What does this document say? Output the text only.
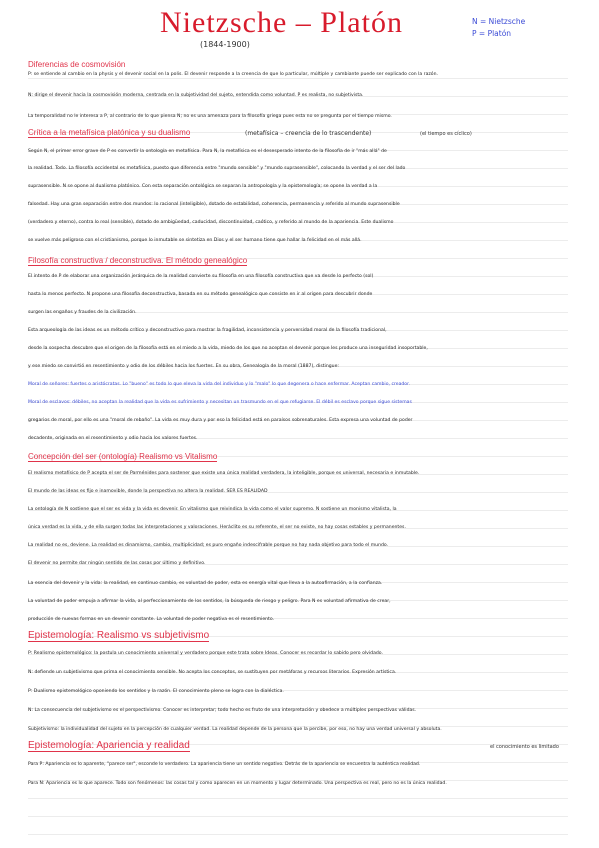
Nietzsche – Platón
(1844-1900)
N = Nietzsche
P = Platón
Diferencias de cosmovisión
P: se entiende al cambio en la physis y el devenir social en la polis. El devenir responde a la creencia de que lo particular, múltiple y cambiante puede ser explicado con la razón.
N: dirige el devenir hacia la cosmovisión moderna, centrada en la subjetividad del sujeto, entendida como voluntad. P es realista, no subjetivista.
La temporalidad no le interesa a P, al contrario de lo que piensa N; no es una amenaza para la filosofía griega pues esta no se pregunta por el tiempo mismo.
Crítica a la metafísica platónica y su dualismo	(metafísica – creencia de lo trascendente)	(el tiempo es cíclico)
Según N, el primer error grave de P es convertir la ontología en metafísica. Para N, la metafísica es el desesperado intento de la filosofía de ir "más allá" de
la realidad. Todo. La filosofía occidental es metafísica, puesto que diferencia entre "mundo sensible" y "mundo suprasensible", colocando la verdad y el ser del lado
suprasensible. N se opone al dualismo platónico. Con esta separación ontológica se separan la antropología y la epistemología; se opone la verdad a la
falsedad. Hay una gran separación entre dos mundos: lo racional (inteligible), dotado de estabilidad, coherencia, permanencia y referido al mundo suprasensible
(verdadero y eterno), contra lo real (sensible), dotado de ambigüedad, caducidad, discontinuidad, caótico, y referido al mundo de la apariencia. Este dualismo
se vuelve más peligroso con el cristianismo, porque lo inmutable se sintetiza en Dios y el ser humano tiene que hallar la felicidad en el más allá.
Filosofía constructiva / deconstructiva. El método genealógico
El intento de P de elaborar una organización jerárquica de la realidad convierte su filosofía en una filosofía constructiva que va desde lo perfecto (sol)
hasta lo menos perfecto. N propone una filosofía deconstructiva, basada en su método genealógico que consiste en ir al origen para descubrir donde
surgen las engaños y fraudes de la civilización.
Esta arqueología de las ideas es un método crítico y deconstructivo para mostrar la fragilidad, inconsistencia y perversidad moral de la filosofía tradicional,
desde la sospecha descubre que el origen de la filosofía está en el miedo a la vida, miedo de los que no aceptan el devenir porque les produce una inseguridad insoportable,
y ese miedo se convirtió en resentimiento y odio de los débiles hacia los fuertes. En su obra, Genealogía de la moral (1887), distingue:
Moral de señores: fuertes o aristócratas. Lo "bueno" es todo lo que eleva la vida del individuo y lo "malo" lo que degenera o hace enfermar. Aceptan cambio, creador.
Moral de esclavos: débiles, no aceptan la realidad que la vida es sufrimiento y necesitan un trasmundo en el que refugiarse. El débil es esclavo porque sigue sistemas
gregarios de moral, por ello es una "moral de rebaño". La vida es muy dura y por eso la felicidad está en paraísos sobrenaturales. Esta expresa una voluntad de poder
decadente, originada en el resentimiento y odio hacia los valores fuertes.
Concepción del ser (ontología) Realismo vs Vitalismo
El realismo metafísico de P acepta el ser de Parménides para sostener que existe una única realidad verdadera, la inteligible, porque es universal, necesaria e inmutable.
El mundo de las ideas es fijo e inamovible, donde la perspectiva no altera la realidad. SER ES REALIDAD
La ontología de N sostiene que el ser es vida y la vida es devenir. En vitalismo que reivindica la vida como el valor supremo. N sostiene un monismo vitalista, la
única verdad es la vida, y de ella surgen todas las interpretaciones y valoraciones. Heráclito es su referente, el ser no existe, no hay cosas estables y permanentes.
La realidad no es, deviene. La realidad es dinamismo, cambio, multiplicidad; es puro engaño indescifrable porque no hay nada objetivo para todo el mundo.
El devenir no permite dar ningún sentido de las cosas por último y definitivo.
La esencia del devenir y la vida: la realidad, en continuo cambio, es voluntad de poder, esta es energía vital que lleva a la autoafirmación, a la confianza.
La voluntad de poder empuja a afirmar la vida, al perfeccionamiento de los sentidos, la búsqueda de riesgo y peligro. Para N es voluntad afirmativa de crear,
producción de nuevas formas en un devenir constante. La voluntad de poder negativa es el resentimiento.
Epistemología: Realismo vs subjetivismo
P: Realismo epistemológico: la postula un conocimiento universal y verdadero porque este trata sobre Ideas. Conocer es recordar lo sabido pero olvidado.
N: defiende un subjetivismo que prima el conocimiento sensible. No acepta los conceptos, se sustituyen por metáforas y recursos literarios. Expresión artística.
P: Dualismo epistemológico oponiendo los sentidos y la razón. El conocimiento pleno se logra con la dialéctica.
N: La consecuencia del subjetivismo es el perspectivismo. Conocer es interpretar; todo hecho es fruto de una interpretación y obedece a múltiples perspectivas válidas.
Subjetivismo: la individualidad del sujeto en la percepción de cualquier verdad. La realidad depende de la persona que la percibe, por eso, no hay una verdad universal y absoluta.
Epistemología: Apariencia y realidad	el conocimiento es limitado
Para P: Apariencia es lo aparente, "parece ser", esconde lo verdadero. La apariencia tiene un sentido negativo. Detrás de la apariencia se encuentra la auténtica realidad.
Para N: Apariencia es lo que aparece. Todo son fenómenos: las cosas tal y como aparecen en un momento y lugar determinado. Una perspectiva es real, pero no es la única realidad.
